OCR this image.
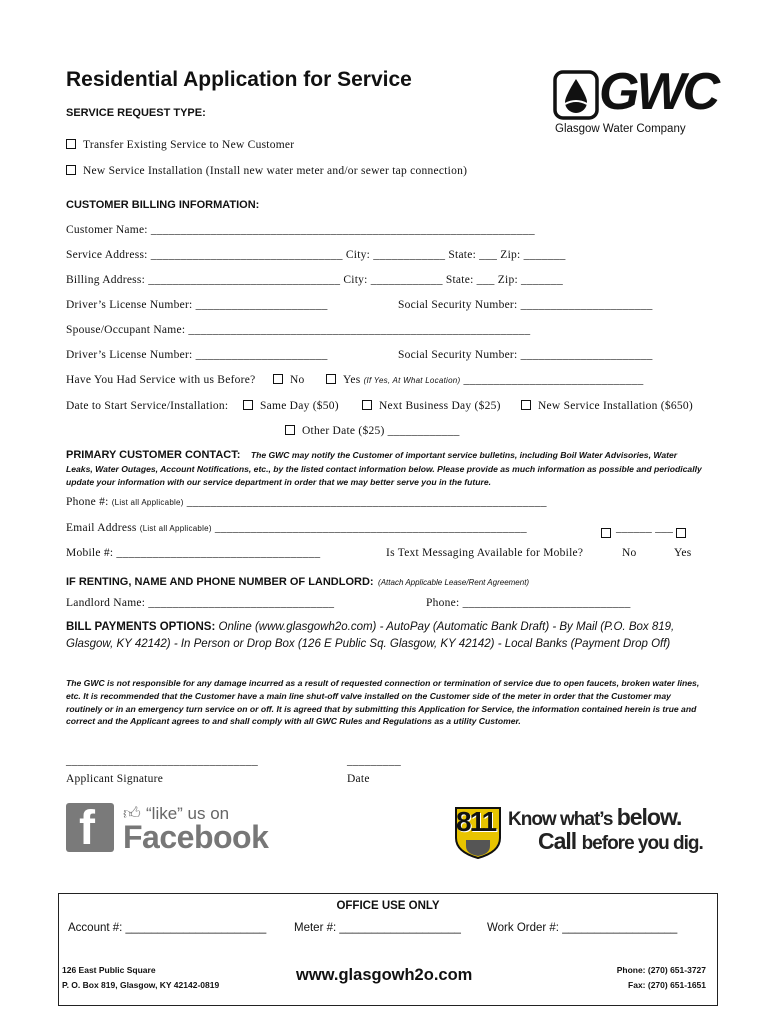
Residential Application for Service	GWC
Glasgow Water Company
SERVICE REQUEST TYPE:
Transfer Existing Service to New Customer
New Service Installation (Install new water meter and/or sewer tap connection)
CUSTOMER BILLING INFORMATION:
Customer Name: ________________________________________________________________
Service Address: ________________________________ City: ____________ State: ___ Zip: _______
Billing Address: ________________________________ City: ____________ State: ___ Zip: _______
Driver’s License Number: ______________________	Social Security Number: ______________________
Spouse/Occupant Name: _________________________________________________________
Driver’s License Number: ______________________	Social Security Number: ______________________
Have You Had Service with us Before?	No	Yes (If Yes, At What Location) ______________________________
Date to Start Service/Installation:	Same Day ($50)	Next Business Day ($25)	New Service Installation ($650)
Other Date ($25) ____________
PRIMARY CUSTOMER CONTACT: The GWC may notify the Customer of important service bulletins, including Boil Water Advisories, Water Leaks, Water Outages, Account Notifications, etc., by the listed contact information below. Please provide as much information as possible and periodically update your information with our service department in order that we may better serve you in the future.
Phone #: (List all Applicable) ____________________________________________________________
Email Address (List all Applicable) ____________________________________________________
	______ ___
Mobile #: __________________________________	Is Text Messaging Available for Mobile?	No	Yes
IF RENTING, NAME AND PHONE NUMBER OF LANDLORD: (Attach Applicable Lease/Rent Agreement)
Landlord Name: _______________________________	Phone: ____________________________
BILL PAYMENTS OPTIONS: Online (www.glasgowh2o.com) - AutoPay (Automatic Bank Draft) - By Mail (P.O. Box 819, Glasgow, KY 42142) - In Person or Drop Box (126 E Public Sq. Glasgow, KY 42142) - Local Banks (Payment Drop Off)
The GWC is not responsible for any damage incurred as a result of requested connection or termination of service due to open faucets, broken water lines, etc. It is recommended that the Customer have a main line shut-off valve installed on the Customer side of the meter in order that the Customer may routinely or in an emergency turn service on or off. It is agreed that by submitting this Application for Service, the information contained herein is true and correct and the Applicant agrees to and shall comply with all GWC Rules and Regulations as a utility Customer.
________________________________	_________
Applicant Signature	Date
f 👍︎ “like” us on
Facebook	811 Know what’s below.
Call before you dig.
OFFICE USE ONLY
Account #: ______________________ Meter #: ___________________ Work Order #: __________________
126 East Public Square
P. O. Box 819, Glasgow, KY 42142-0819
www.glasgowh2o.com	Phone: (270) 651-3727
Fax: (270) 651-1651
